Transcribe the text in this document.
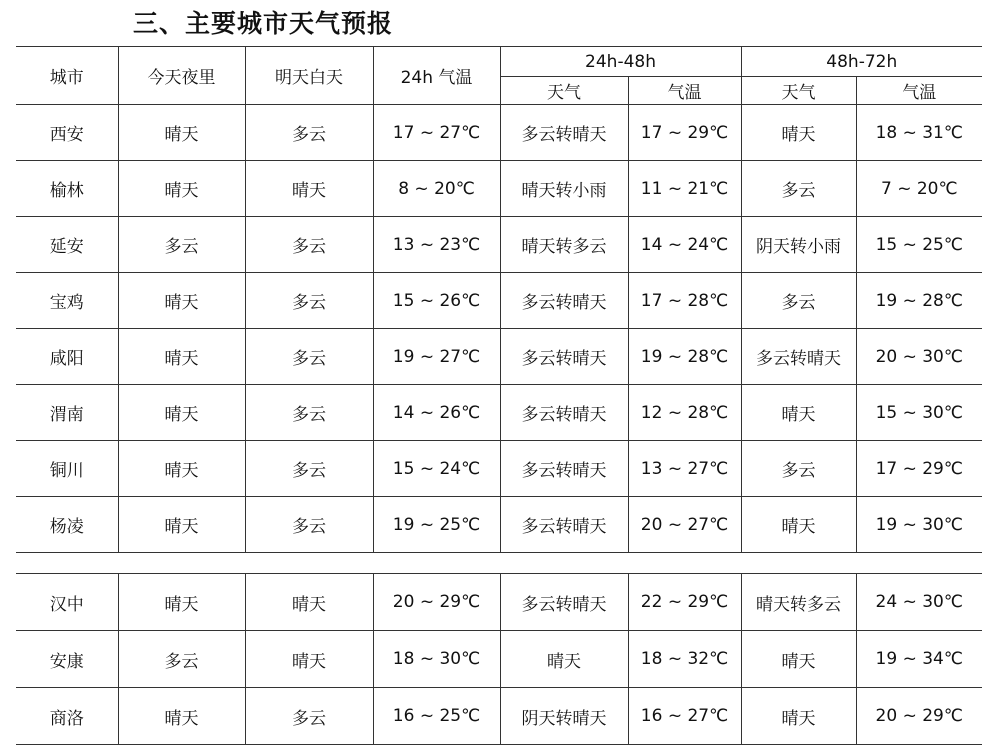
三、主要城市天气预报
城市	今天夜里	明天白天	24h 气温	24h-48h		48h-72h	
				天气	气温	天气	气温
西安	晴天	多云	17 ~ 27℃	多云转晴天	17 ~ 29℃	晴天	18 ~ 31℃
榆林	晴天	晴天	8 ~ 20℃	晴天转小雨	11 ~ 21℃	多云	7 ~ 20℃
延安	多云	多云	13 ~ 23℃	晴天转多云	14 ~ 24℃	阴天转小雨	15 ~ 25℃
宝鸡	晴天	多云	15 ~ 26℃	多云转晴天	17 ~ 28℃	多云	19 ~ 28℃
咸阳	晴天	多云	19 ~ 27℃	多云转晴天	19 ~ 28℃	多云转晴天	20 ~ 30℃
渭南	晴天	多云	14 ~ 26℃	多云转晴天	12 ~ 28℃	晴天	15 ~ 30℃
铜川	晴天	多云	15 ~ 24℃	多云转晴天	13 ~ 27℃	多云	17 ~ 29℃
杨凌	晴天	多云	19 ~ 25℃	多云转晴天	20 ~ 27℃	晴天	19 ~ 30℃
汉中	晴天	晴天	20 ~ 29℃	多云转晴天	22 ~ 29℃	晴天转多云	24 ~ 30℃
安康	多云	晴天	18 ~ 30℃	晴天	18 ~ 32℃	晴天	19 ~ 34℃
商洛	晴天	多云	16 ~ 25℃	阴天转晴天	16 ~ 27℃	晴天	20 ~ 29℃
